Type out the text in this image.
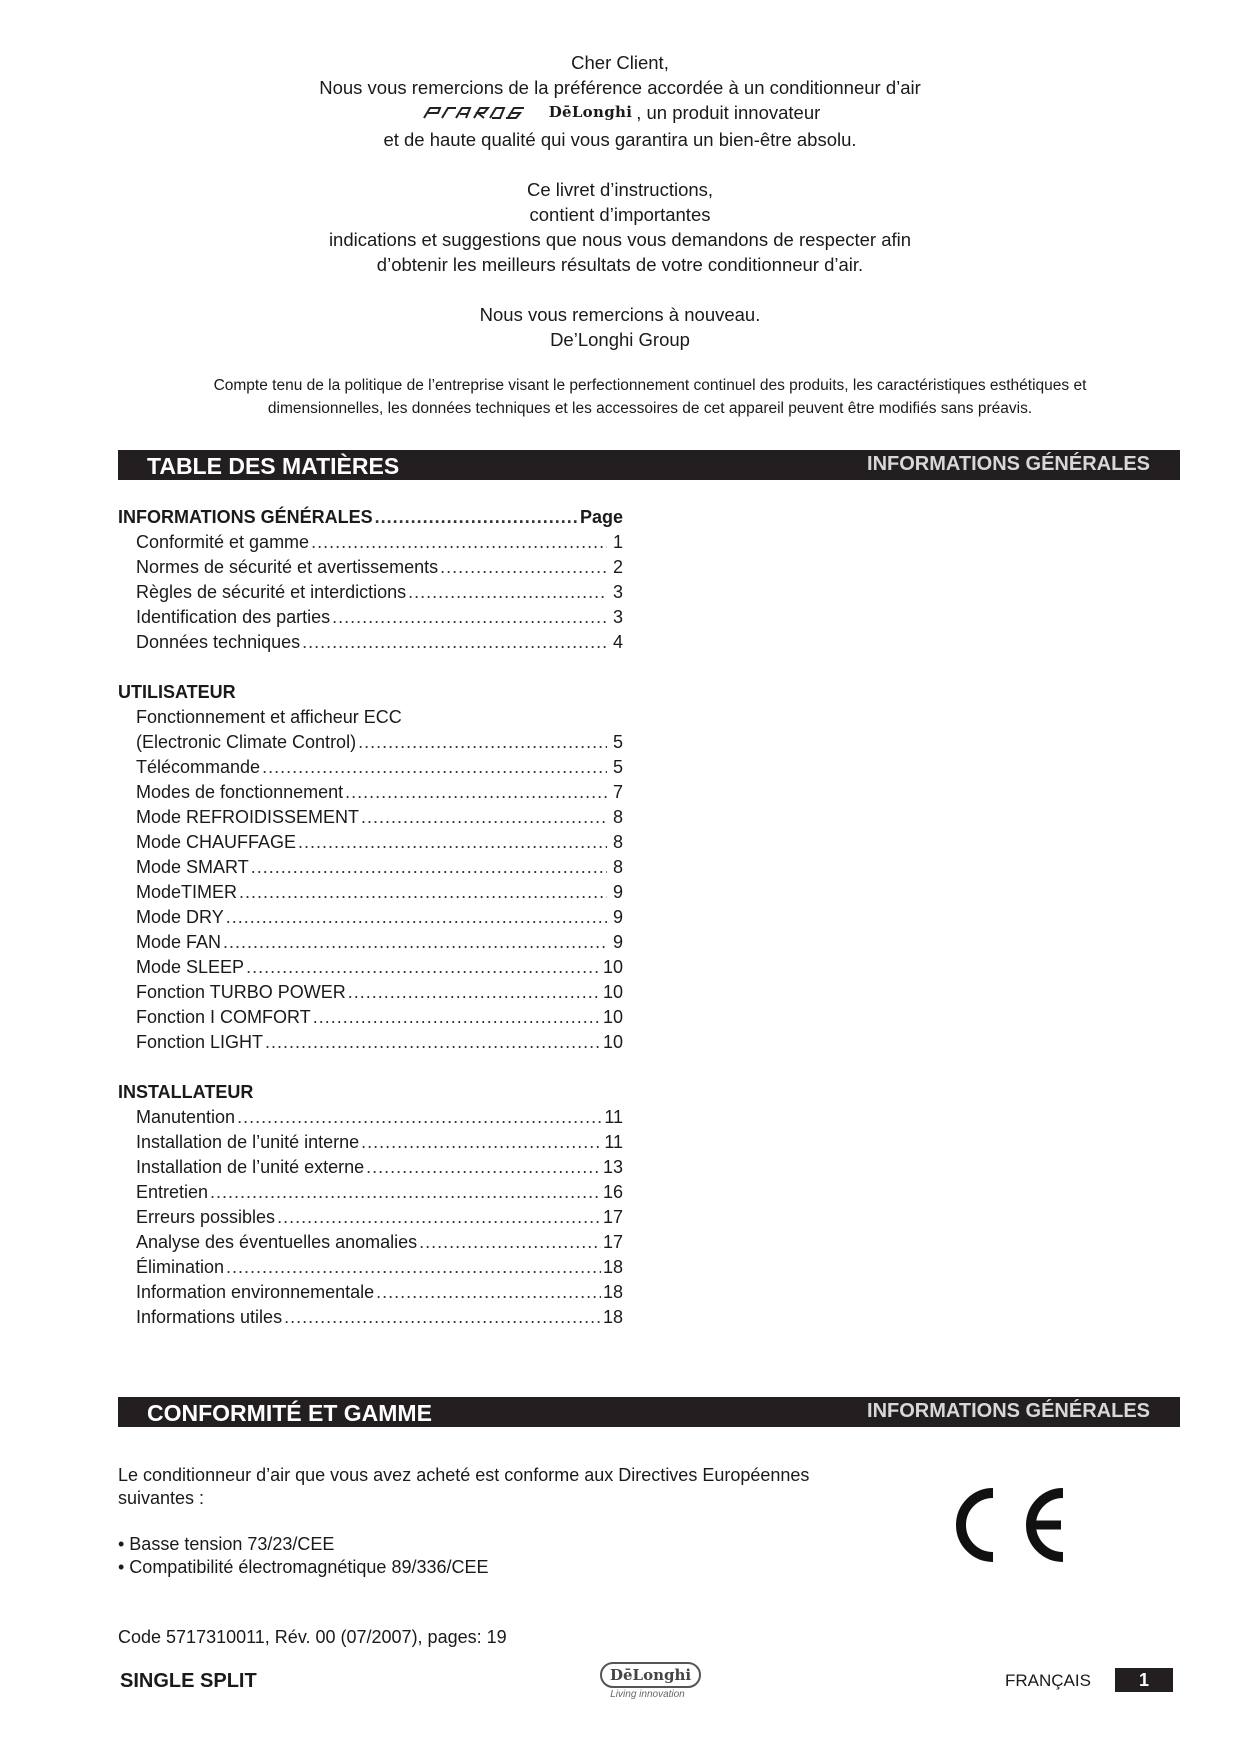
Cher Client,

Nous vous remercions de la préférence accordée à un conditionneur d’air

DēLonghi , un produit innovateur

et de haute qualité qui vous garantira un bien-être absolu.

Ce livret d’instructions,

contient d’importantes

indications et suggestions que nous vous demandons de respecter afin

d’obtenir les meilleurs résultats de votre conditionneur d’air.

Nous vous remercions à nouveau.

De’Longhi Group

Compte tenu de la politique de l’entreprise visant le perfectionnement continuel des produits, les caractéristiques esthétiques et
dimensionnelles, les données techniques et les accessoires de cet appareil peuvent être modifiés sans préavis.
TABLE DES MATIÈRES	INFORMATIONS GÉNÉRALES
INFORMATIONS GÉNÉRALES .....	Page
Conformité et gamme .....	1
Normes de sécurité et avertissements .....	2
Règles de sécurité et interdictions .....	3
Identification des parties .....	3
Données techniques .....	4
UTILISATEUR
Fonctionnement et afficheur ECC
(Electronic Climate Control) .....	5
Télécommande .....	5
Modes de fonctionnement .....	7
Mode REFROIDISSEMENT .....	8
Mode CHAUFFAGE .....	8
Mode SMART .....	8
ModeTIMER .....	9
Mode DRY .....	9
Mode FAN .....	9
Mode SLEEP .....	10
Fonction TURBO POWER .....	10
Fonction I COMFORT .....	10
Fonction LIGHT .....	10
INSTALLATEUR
Manutention .....	11
Installation de l’unité interne .....	11
Installation de l’unité externe .....	13
Entretien .....	16
Erreurs possibles .....	17
Analyse des éventuelles anomalies .....	17
Élimination .....	18
Information environnementale .....	18
Informations utiles .....	18
CONFORMITÉ ET GAMME	INFORMATIONS GÉNÉRALES

Le conditionneur d’air que vous avez acheté est conforme aux Directives Européennes

suivantes :

• Basse tension 73/23/CEE

• Compatibilité électromagnétique 89/336/CEE

Code 5717310011, Rév. 00 (07/2007), pages: 19
SINGLE SPLIT	DēLonghi
Living innovation
FRANÇAIS	1
